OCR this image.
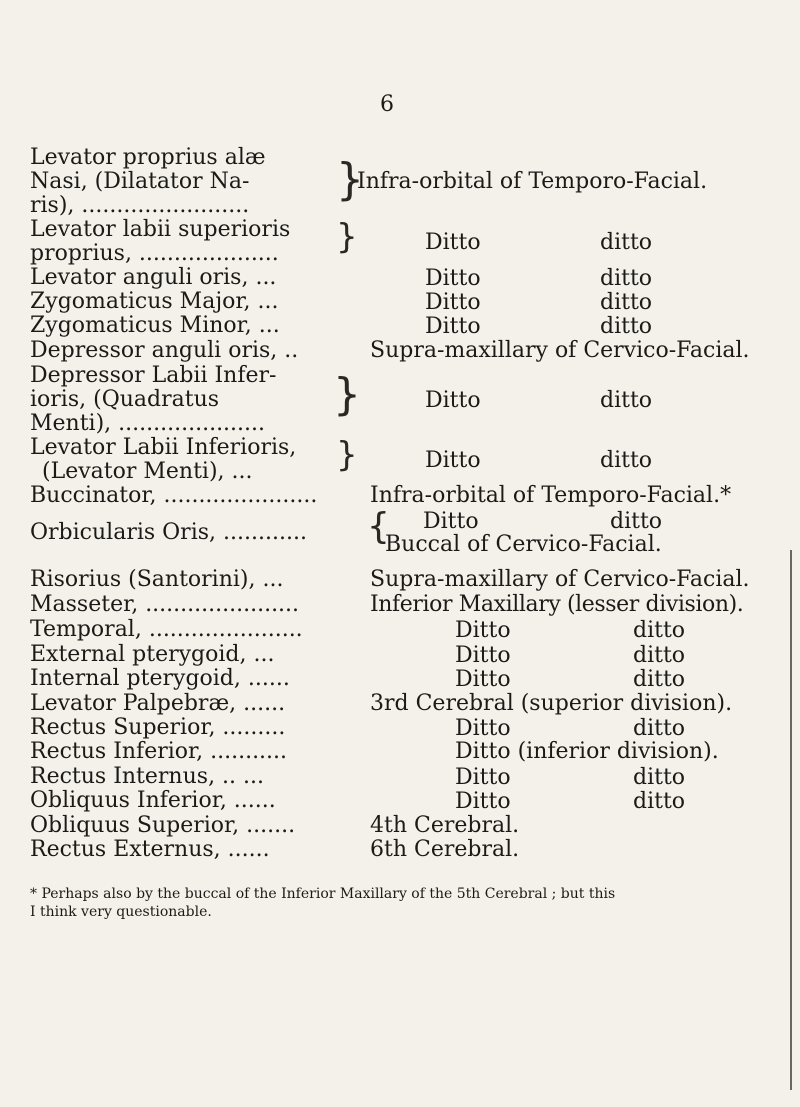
6
Levator proprius alæ
Nasi, (Dilatator Na-
ris), ........................
}
Infra-orbital of Temporo-Facial.
Levator labii superioris
proprius, ....................	}	Ditto	ditto
Levator anguli oris, ...	Ditto	ditto
Zygomaticus Major, ...	Ditto	ditto
Zygomaticus Minor, ...	Ditto	ditto
Depressor anguli oris, ..	Supra-maxillary of Cervico-Facial.
Depressor Labii Infer-
ioris, (Quadratus
Menti), .....................
}	Ditto	ditto
Levator Labii Inferioris,
(Levator Menti), ...	}	Ditto	ditto
Buccinator, ...................... Infra-orbital of Temporo-Facial.*
Orbicularis Oris, ............ { Ditto	ditto
Buccal of Cervico-Facial.
Risorius (Santorini), ...	Supra-maxillary of Cervico-Facial.
Masseter, ......................	Inferior Maxillary (lesser division).
Temporal, ......................	Ditto	ditto
External pterygoid, ...	Ditto	ditto
Internal pterygoid, ......	Ditto	ditto
Levator Palpebræ, ......	3rd Cerebral (superior division).
Rectus Superior, .........	Ditto	ditto
Rectus Inferior, ...........	Ditto (inferior division).
Rectus Internus, .. ...	Ditto	ditto
Obliquus Inferior, ......	Ditto	ditto
Obliquus Superior, .......	4th Cerebral.
Rectus Externus, ......	6th Cerebral.
* Perhaps also by the buccal of the Inferior Maxillary of the 5th Cerebral ; but this
I think very questionable.
